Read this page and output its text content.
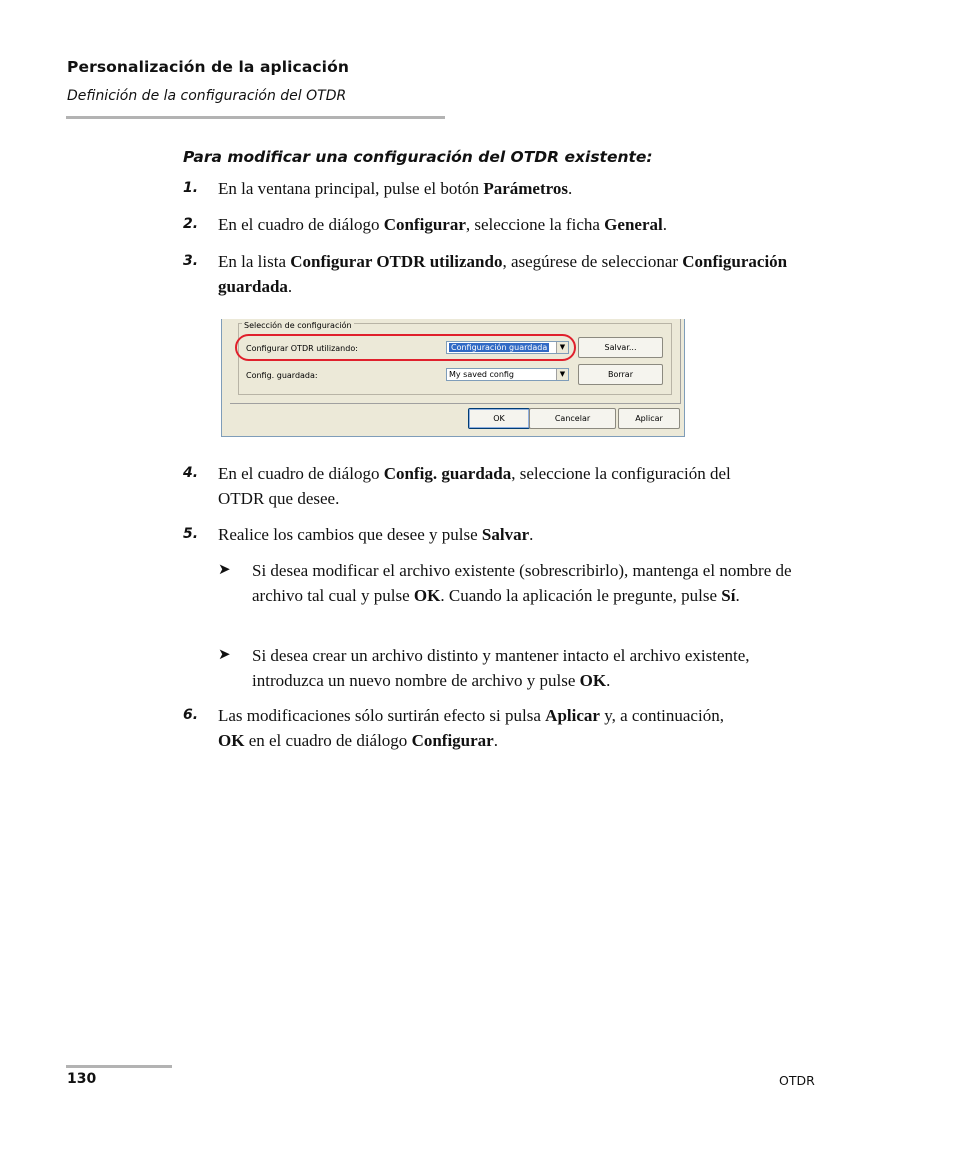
Personalización de la aplicación
Definición de la configuración del OTDR
Para modificar una configuración del OTDR existente:
1. En la ventana principal, pulse el botón Parámetros.
2. En el cuadro de diálogo Configurar, seleccione la ficha General.
3. En la lista Configurar OTDR utilizando, asegúrese de seleccionar Configuración guardada.
Selección de configuración
Configurar OTDR utilizando:	Configuración guardada	▼	Salvar...
Config. guardada:	My saved config	▼	Borrar
OK	Cancelar	Aplicar
4. En el cuadro de diálogo Config. guardada, seleccione la configuración del OTDR que desee.
5. Realice los cambios que desee y pulse Salvar.
➤ Si desea modificar el archivo existente (sobrescribirlo), mantenga el nombre de archivo tal cual y pulse OK. Cuando la aplicación le pregunte, pulse Sí.
➤ Si desea crear un archivo distinto y mantener intacto el archivo existente, introduzca un nuevo nombre de archivo y pulse OK.
6. Las modificaciones sólo surtirán efecto si pulsa Aplicar y, a continuación, OK en el cuadro de diálogo Configurar.
130	OTDR
